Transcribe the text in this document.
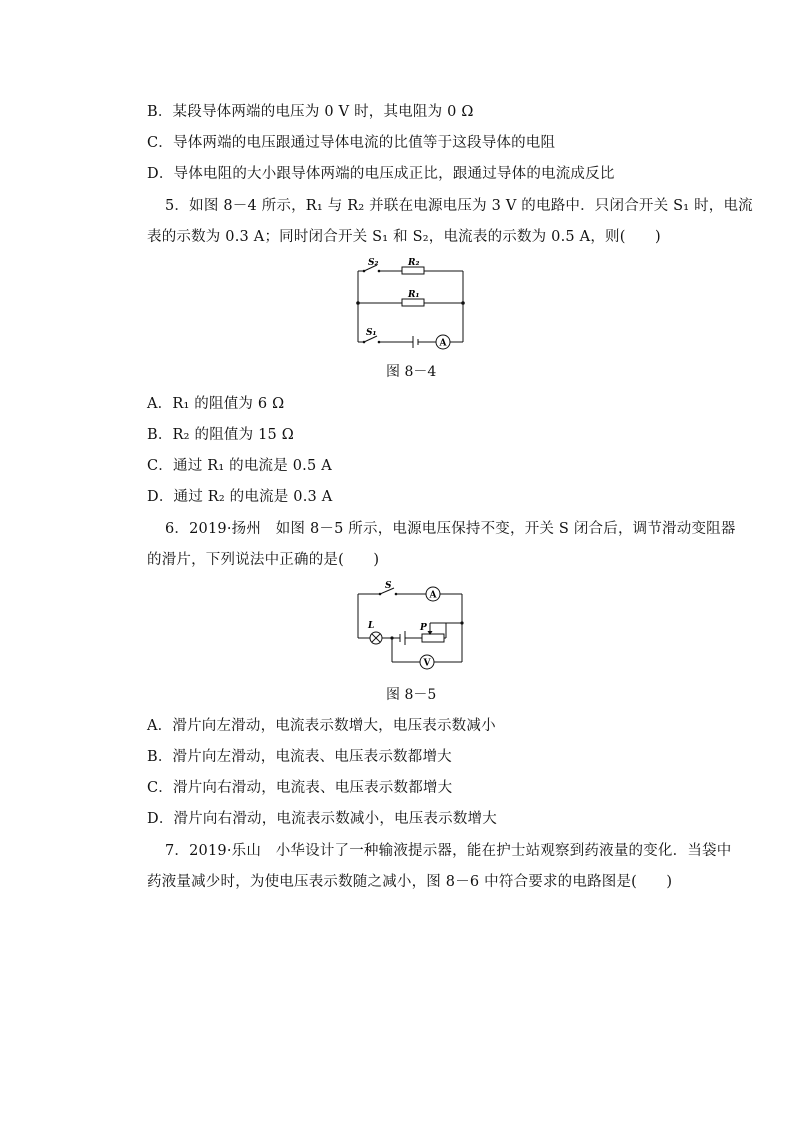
B．某段导体两端的电压为 0 V 时，其电阻为 0 Ω
C．导体两端的电压跟通过导体电流的比值等于这段导体的电阻
D．导体电阻的大小跟导体两端的电压成正比，跟通过导体的电流成反比
5．如图 8－4 所示，R₁ 与 R₂ 并联在电源电压为 3 V 的电路中．只闭合开关 S₁ 时，电流
表的示数为 0.3 A；同时闭合开关 S₁ 和 S₂，电流表的示数为 0.5 A，则(　　)
S₂	R₂
R₁
S₁
A
图 8－4
A．R₁ 的阻值为 6 Ω
B．R₂ 的阻值为 15 Ω
C．通过 R₁ 的电流是 0.5 A
D．通过 R₂ 的电流是 0.3 A
6．2019·扬州　如图 8－5 所示，电源电压保持不变，开关 S 闭合后，调节滑动变阻器
的滑片，下列说法中正确的是(　　)
S
A
L	P
V
图 8－5
A．滑片向左滑动，电流表示数增大，电压表示数减小
B．滑片向左滑动，电流表、电压表示数都增大
C．滑片向右滑动，电流表、电压表示数都增大
D．滑片向右滑动，电流表示数减小，电压表示数增大
7．2019·乐山　小华设计了一种输液提示器，能在护士站观察到药液量的变化．当袋中
药液量减少时，为使电压表示数随之减小，图 8－6 中符合要求的电路图是(　　)
